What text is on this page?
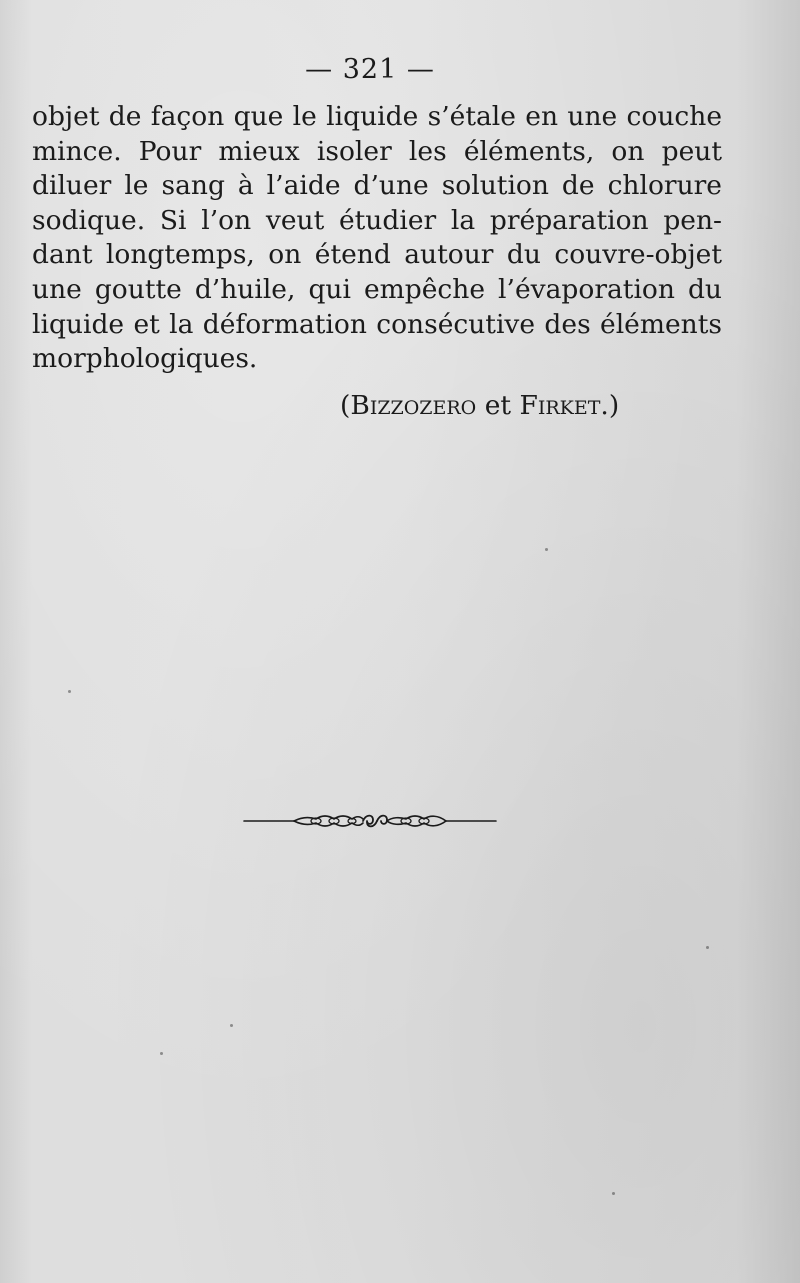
— 321 —
objet de façon que le liquide s’étale en une couche
mince. Pour mieux isoler les éléments, on peut
diluer le sang à l’aide d’une solution de chlorure
sodique. Si l’on veut étudier la préparation pen-
dant longtemps, on étend autour du couvre-objet
une goutte d’huile, qui empêche l’évaporation du
liquide et la déformation consécutive des éléments
morphologiques.
(Bizzozero et Firket.)
